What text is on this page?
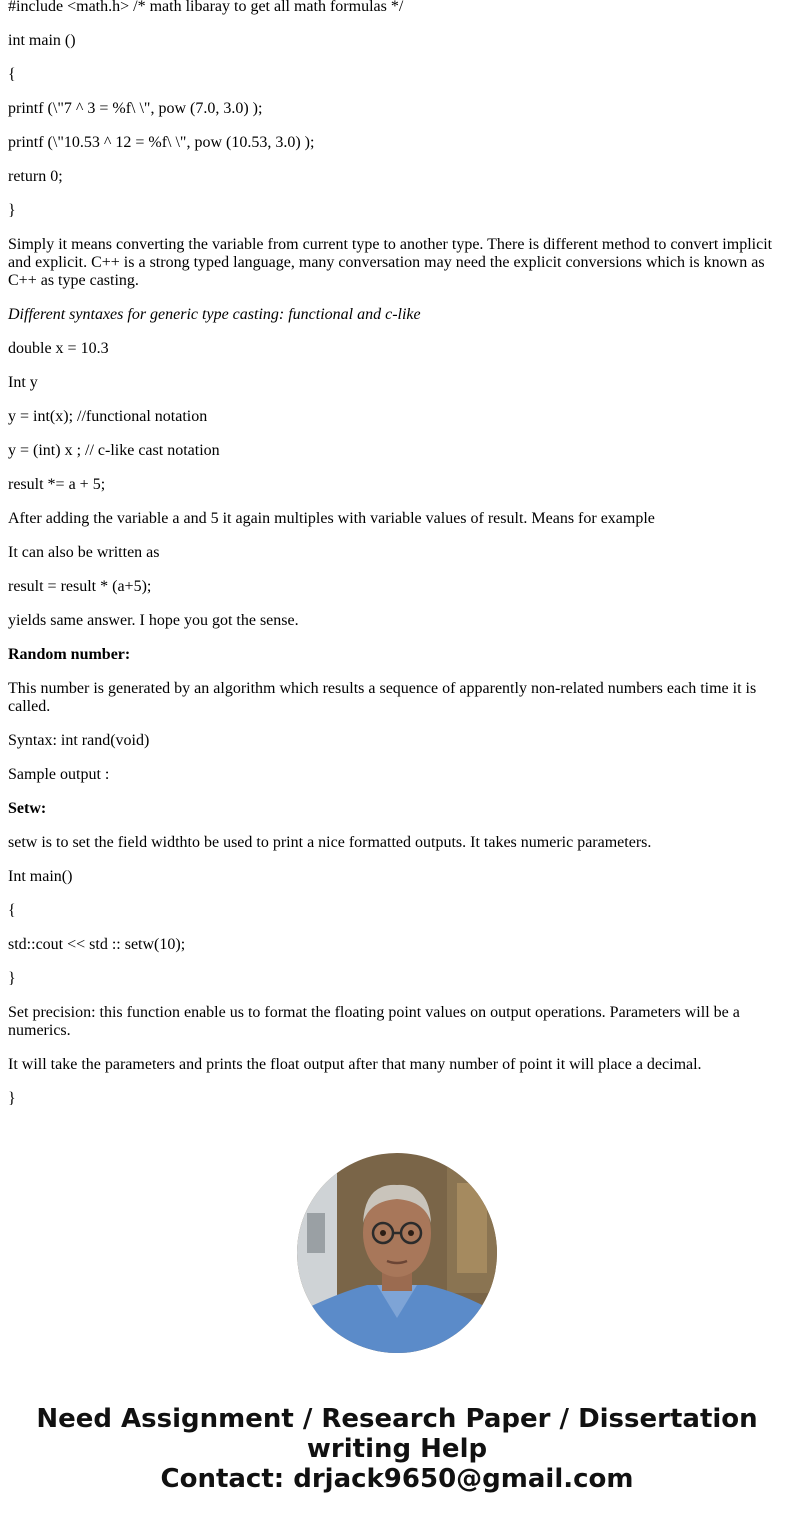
#include <math.h> /* math libaray to get all math formulas */

int main ()

{

printf (\"7 ^ 3 = %f\ \", pow (7.0, 3.0) );

printf (\"10.53 ^ 12 = %f\ \", pow (10.53, 3.0) );

return 0;

}

Simply it means converting the variable from current type to another type. There is different method to convert implicit and explicit. C++ is a strong typed language, many conversation may need the explicit conversions which is known as C++ as type casting.

Different syntaxes for generic type casting: functional and c-like

double x = 10.3

Int y

y = int(x); //functional notation

y = (int) x ; // c-like cast notation

result *= a + 5;

After adding the variable a and 5 it again multiples with variable values of result. Means for example

It can also be written as

result = result * (a+5);

yields same answer. I hope you got the sense.

Random number:

This number is generated by an algorithm which results a sequence of apparently non-related numbers each time it is called.

Syntax: int rand(void)

Sample output :

Setw:

setw is to set the field widthto be used to print a nice formatted outputs. It takes numeric parameters.

Int main()

{

std::cout << std :: setw(10);

}

Set precision: this function enable us to format the floating point values on output operations. Parameters will be a numerics.

It will take the parameters and prints the float output after that many number of point it will place a decimal.

}

Need Assignment / Research Paper / Dissertation
writing Help
Contact: drjack9650@gmail.com
